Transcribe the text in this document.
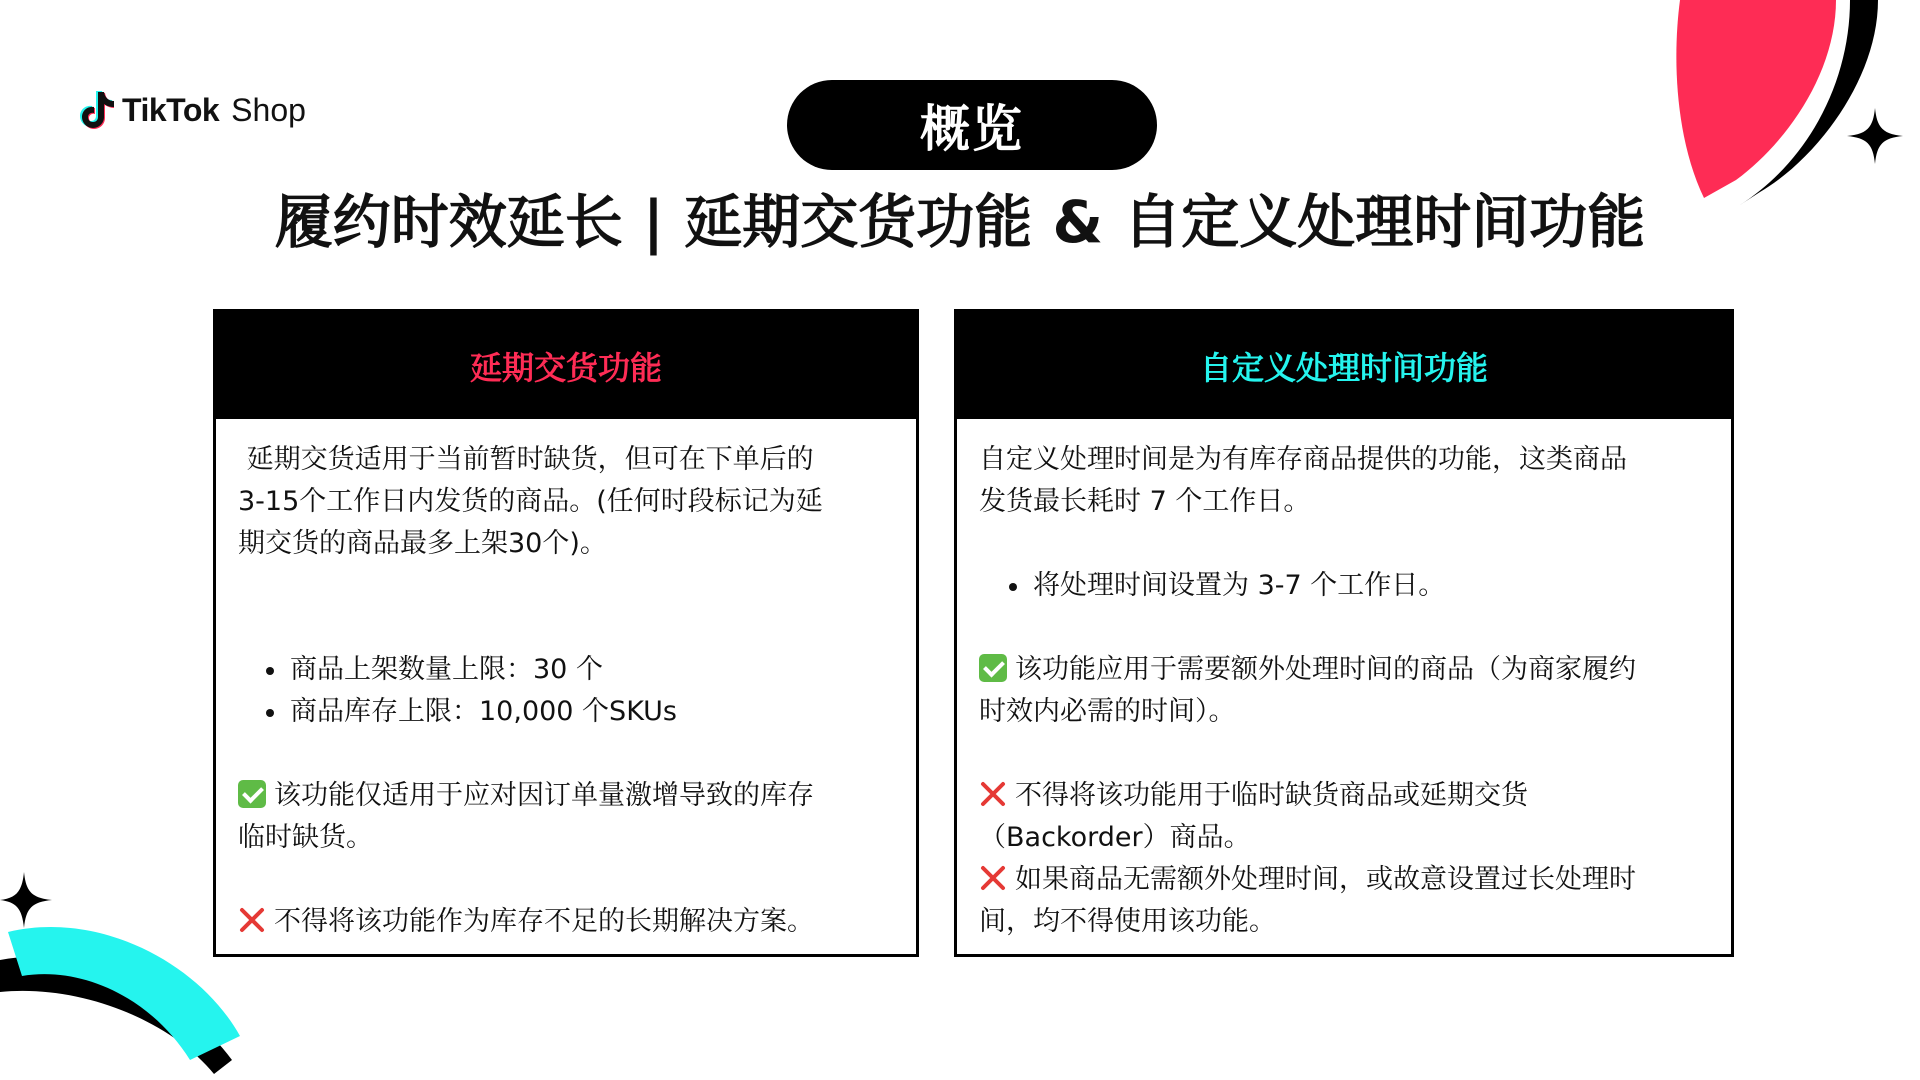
TikTok Shop	概览
履约时效延长 | 延期交货功能 & 自定义处理时间功能
延期交货功能

延期交货适用于当前暂时缺货，但可在下单后的

3-15个工作日内发货的商品。(任何时段标记为延

期交货的商品最多上架30个)。

商品上架数量上限：30 个
商品库存上限：10,000 个SKUs

该功能仅适用于应对因订单量激增导致的库存

临时缺货。

不得将该功能作为库存不足的长期解决方案。

自定义处理时间功能

自定义处理时间是为有库存商品提供的功能，这类商品

发货最长耗时 7 个工作日。

将处理时间设置为 3-7 个工作日。

该功能应用于需要额外处理时间的商品（为商家履约

时效内必需的时间）。

不得将该功能用于临时缺货商品或延期交货

（Backorder）商品。

如果商品无需额外处理时间，或故意设置过长处理时

间，均不得使用该功能。
